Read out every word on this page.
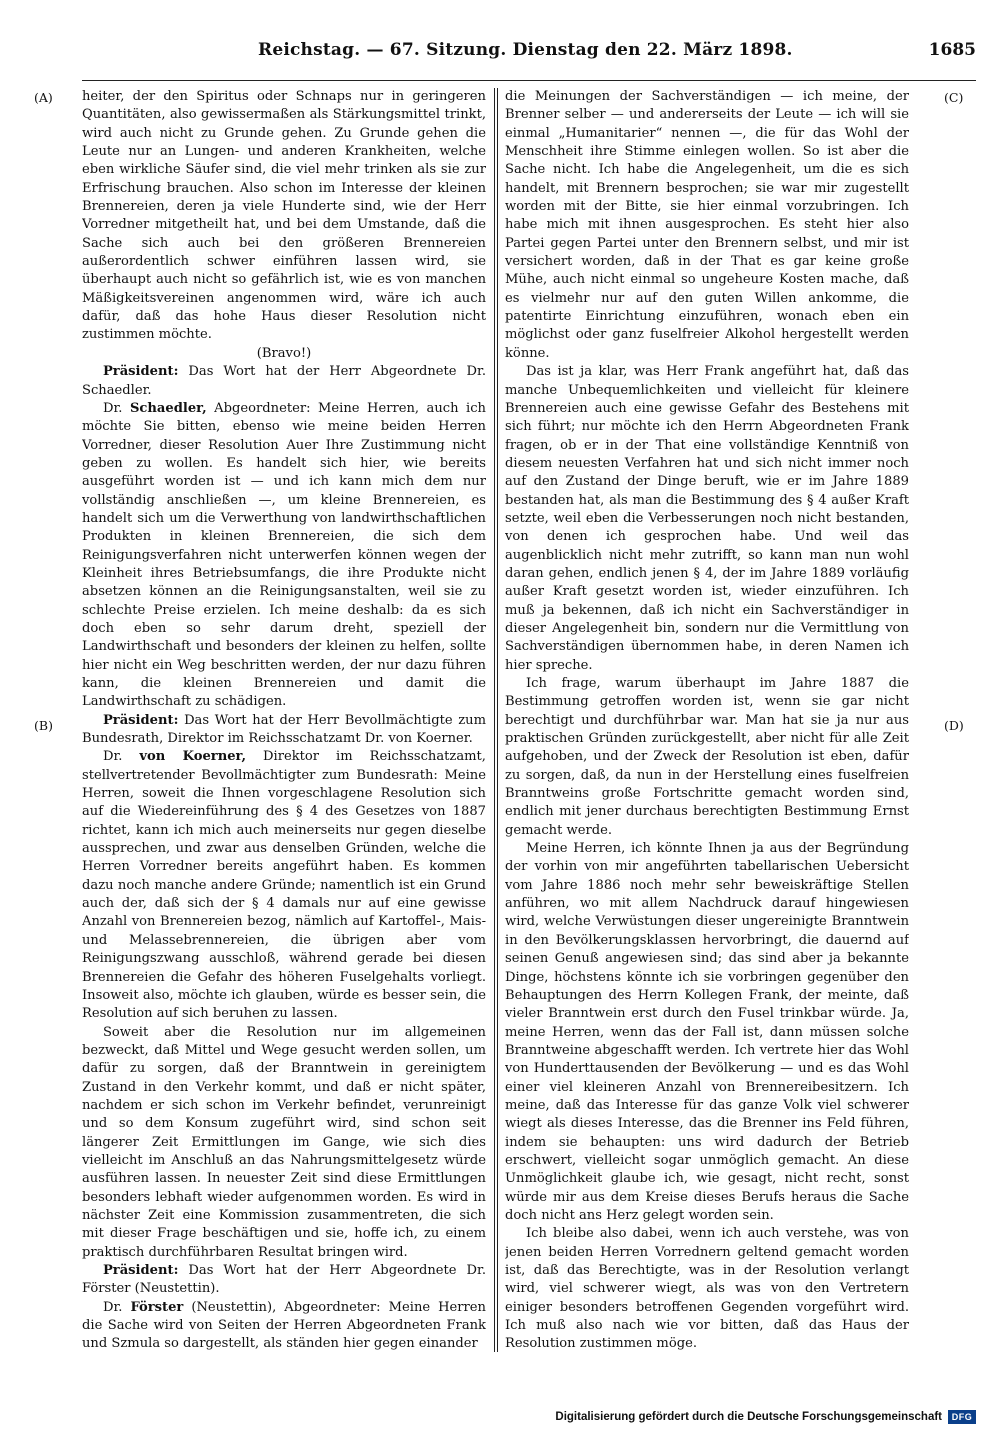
Reichstag. — 67. Sitzung. Dienstag den 22. März 1898.	1685
(A)
(B)
(C)
(D)

heiter, der den Spiritus oder Schnaps nur in geringeren Quantitäten, also gewissermaßen als Stärkungsmittel trinkt, wird auch nicht zu Grunde gehen. Zu Grunde gehen die Leute nur an Lungen- und anderen Krankheiten, welche eben wirkliche Säufer sind, die viel mehr trinken als sie zur Erfrischung brauchen. Also schon im Interesse der kleinen Brennereien, deren ja viele Hunderte sind, wie der Herr Vorredner mitgetheilt hat, und bei dem Umstande, daß die Sache sich auch bei den größeren Brennereien außerordentlich schwer einführen lassen wird, sie überhaupt auch nicht so gefährlich ist, wie es von manchen Mäßigkeitsvereinen angenommen wird, wäre ich auch dafür, daß das hohe Haus dieser Resolution nicht zustimmen möchte.

(Bravo!)

Präsident: Das Wort hat der Herr Abgeordnete Dr. Schaedler.

Dr. Schaedler, Abgeordneter: Meine Herren, auch ich möchte Sie bitten, ebenso wie meine beiden Herren Vorredner, dieser Resolution Auer Ihre Zustimmung nicht geben zu wollen. Es handelt sich hier, wie bereits ausgeführt worden ist — und ich kann mich dem nur vollständig anschließen —, um kleine Brennereien, es handelt sich um die Verwerthung von landwirthschaftlichen Produkten in kleinen Brennereien, die sich dem Reinigungsverfahren nicht unterwerfen können wegen der Kleinheit ihres Betriebsumfangs, die ihre Produkte nicht absetzen können an die Reinigungsanstalten, weil sie zu schlechte Preise erzielen. Ich meine deshalb: da es sich doch eben so sehr darum dreht, speziell der Landwirthschaft und besonders der kleinen zu helfen, sollte hier nicht ein Weg beschritten werden, der nur dazu führen kann, die kleinen Brennereien und damit die Landwirthschaft zu schädigen.

Präsident: Das Wort hat der Herr Bevollmächtigte zum Bundesrath, Direktor im Reichsschatzamt Dr. von Koerner.

Dr. von Koerner, Direktor im Reichsschatzamt, stellvertretender Bevollmächtigter zum Bundesrath: Meine Herren, soweit die Ihnen vorgeschlagene Resolution sich auf die Wiedereinführung des § 4 des Gesetzes von 1887 richtet, kann ich mich auch meinerseits nur gegen dieselbe aussprechen, und zwar aus denselben Gründen, welche die Herren Vorredner bereits angeführt haben. Es kommen dazu noch manche andere Gründe; namentlich ist ein Grund auch der, daß sich der § 4 damals nur auf eine gewisse Anzahl von Brennereien bezog, nämlich auf Kartoffel-, Mais- und Melassebrennereien, die übrigen aber vom Reinigungszwang ausschloß, während gerade bei diesen Brennereien die Gefahr des höheren Fuselgehalts vorliegt. Insoweit also, möchte ich glauben, würde es besser sein, die Resolution auf sich beruhen zu lassen.

Soweit aber die Resolution nur im allgemeinen bezweckt, daß Mittel und Wege gesucht werden sollen, um dafür zu sorgen, daß der Branntwein in gereinigtem Zustand in den Verkehr kommt, und daß er nicht später, nachdem er sich schon im Verkehr befindet, verunreinigt und so dem Konsum zugeführt wird, sind schon seit längerer Zeit Ermittlungen im Gange, wie sich dies vielleicht im Anschluß an das Nahrungsmittelgesetz würde ausführen lassen. In neuester Zeit sind diese Ermittlungen besonders lebhaft wieder aufgenommen worden. Es wird in nächster Zeit eine Kommission zusammentreten, die sich mit dieser Frage beschäftigen und sie, hoffe ich, zu einem praktisch durchführbaren Resultat bringen wird.

Präsident: Das Wort hat der Herr Abgeordnete Dr. Förster (Neustettin).

Dr. Förster (Neustettin), Abgeordneter: Meine Herren die Sache wird von Seiten der Herren Abgeordneten Frank und Szmula so dargestellt, als ständen hier gegen einander

die Meinungen der Sachverständigen — ich meine, der Brenner selber — und andererseits der Leute — ich will sie einmal „Humanitarier“ nennen —, die für das Wohl der Menschheit ihre Stimme einlegen wollen. So ist aber die Sache nicht. Ich habe die Angelegenheit, um die es sich handelt, mit Brennern besprochen; sie war mir zugestellt worden mit der Bitte, sie hier einmal vorzubringen. Ich habe mich mit ihnen ausgesprochen. Es steht hier also Partei gegen Partei unter den Brennern selbst, und mir ist versichert worden, daß in der That es gar keine große Mühe, auch nicht einmal so ungeheure Kosten mache, daß es vielmehr nur auf den guten Willen ankomme, die patentirte Einrichtung einzuführen, wonach eben ein möglichst oder ganz fuselfreier Alkohol hergestellt werden könne.

Das ist ja klar, was Herr Frank angeführt hat, daß das manche Unbequemlichkeiten und vielleicht für kleinere Brennereien auch eine gewisse Gefahr des Bestehens mit sich führt; nur möchte ich den Herrn Abgeordneten Frank fragen, ob er in der That eine vollständige Kenntniß von diesem neuesten Verfahren hat und sich nicht immer noch auf den Zustand der Dinge beruft, wie er im Jahre 1889 bestanden hat, als man die Bestimmung des § 4 außer Kraft setzte, weil eben die Verbesserungen noch nicht bestanden, von denen ich gesprochen habe. Und weil das augenblicklich nicht mehr zutrifft, so kann man nun wohl daran gehen, endlich jenen § 4, der im Jahre 1889 vorläufig außer Kraft gesetzt worden ist, wieder einzuführen. Ich muß ja bekennen, daß ich nicht ein Sachverständiger in dieser Angelegenheit bin, sondern nur die Vermittlung von Sachverständigen übernommen habe, in deren Namen ich hier spreche.

Ich frage, warum überhaupt im Jahre 1887 die Bestimmung getroffen worden ist, wenn sie gar nicht berechtigt und durchführbar war. Man hat sie ja nur aus praktischen Gründen zurückgestellt, aber nicht für alle Zeit aufgehoben, und der Zweck der Resolution ist eben, dafür zu sorgen, daß, da nun in der Herstellung eines fuselfreien Branntweins große Fortschritte gemacht worden sind, endlich mit jener durchaus berechtigten Bestimmung Ernst gemacht werde.

Meine Herren, ich könnte Ihnen ja aus der Begründung der vorhin von mir angeführten tabellarischen Uebersicht vom Jahre 1886 noch mehr sehr beweiskräftige Stellen anführen, wo mit allem Nachdruck darauf hingewiesen wird, welche Verwüstungen dieser ungereinigte Branntwein in den Bevölkerungsklassen hervorbringt, die dauernd auf seinen Genuß angewiesen sind; das sind aber ja bekannte Dinge, höchstens könnte ich sie vorbringen gegenüber den Behauptungen des Herrn Kollegen Frank, der meinte, daß vieler Branntwein erst durch den Fusel trinkbar würde. Ja, meine Herren, wenn das der Fall ist, dann müssen solche Branntweine abgeschafft werden. Ich vertrete hier das Wohl von Hunderttausenden der Bevölkerung — und es das Wohl einer viel kleineren Anzahl von Brennereibesitzern. Ich meine, daß das Interesse für das ganze Volk viel schwerer wiegt als dieses Interesse, das die Brenner ins Feld führen, indem sie behaupten: uns wird dadurch der Betrieb erschwert, vielleicht sogar unmöglich gemacht. An diese Unmöglichkeit glaube ich, wie gesagt, nicht recht, sonst würde mir aus dem Kreise dieses Berufs heraus die Sache doch nicht ans Herz gelegt worden sein.

Ich bleibe also dabei, wenn ich auch verstehe, was von jenen beiden Herren Vorrednern geltend gemacht worden ist, daß das Berechtigte, was in der Resolution verlangt wird, viel schwerer wiegt, als was von den Vertretern einiger besonders betroffenen Gegenden vorgeführt wird. Ich muß also nach wie vor bitten, daß das Haus der Resolution zustimmen möge.

Digitalisierung gefördert durch die Deutsche Forschungsgemeinschaft	DFG
